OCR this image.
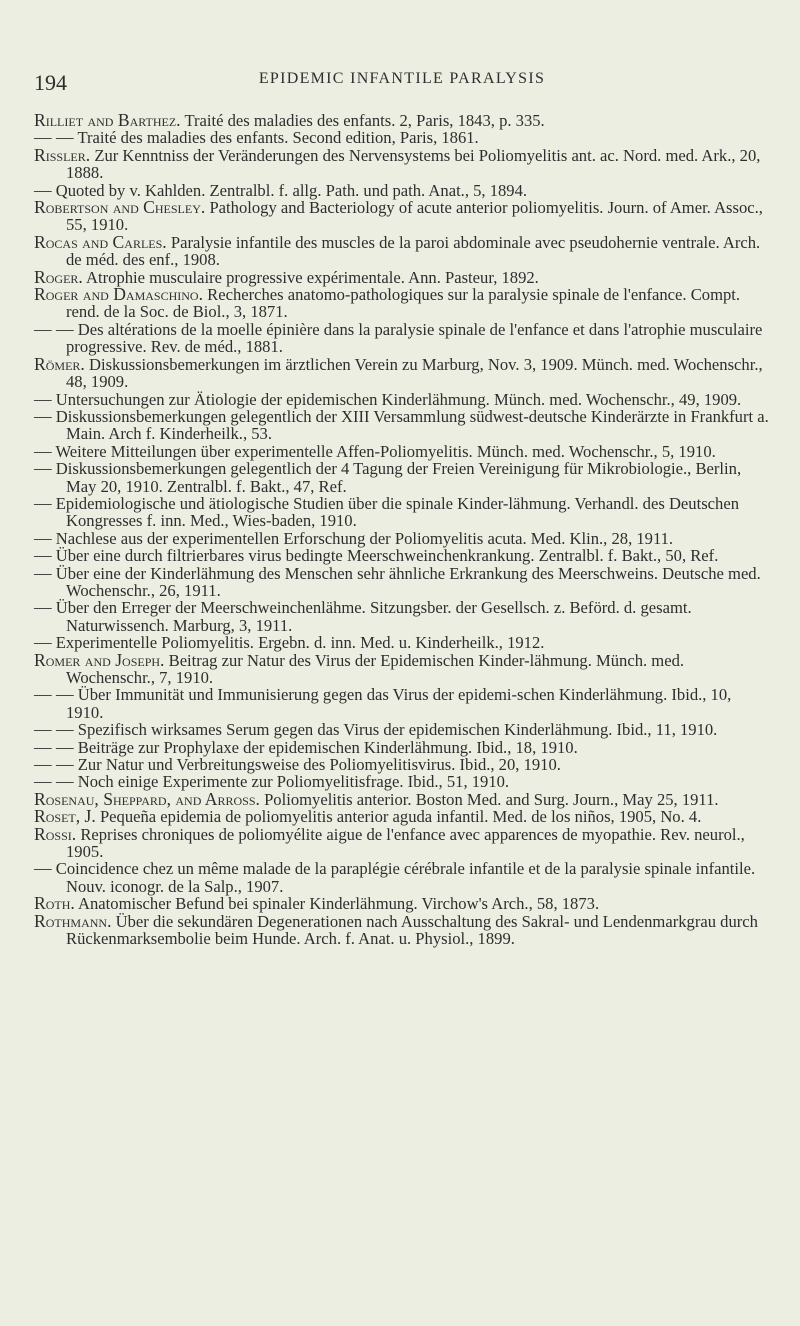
194	EPIDEMIC INFANTILE PARALYSIS

Rilliet and Barthez. Traité des maladies des enfants. 2, Paris, 1843, p. 335.

— — Traité des maladies des enfants. Second edition, Paris, 1861.

Rissler. Zur Kenntniss der Veränderungen des Nervensystems bei Poliomyelitis ant. ac. Nord. med. Ark., 20, 1888.

— Quoted by v. Kahlden. Zentralbl. f. allg. Path. und path. Anat., 5, 1894.

Robertson and Chesley. Pathology and Bacteriology of acute anterior poliomyelitis. Journ. of Amer. Assoc., 55, 1910.

Rocas and Carles. Paralysie infantile des muscles de la paroi abdominale avec pseudohernie ventrale. Arch. de méd. des enf., 1908.

Roger. Atrophie musculaire progressive expérimentale. Ann. Pasteur, 1892.

Roger and Damaschino. Recherches anatomo-pathologiques sur la paralysie spinale de l'enfance. Compt. rend. de la Soc. de Biol., 3, 1871.

— — Des altérations de la moelle épinière dans la paralysie spinale de l'enfance et dans l'atrophie musculaire progressive. Rev. de méd., 1881.

Römer. Diskussionsbemerkungen im ärztlichen Verein zu Marburg, Nov. 3, 1909. Münch. med. Wochenschr., 48, 1909.

— Untersuchungen zur Ätiologie der epidemischen Kinderlähmung. Münch. med. Wochenschr., 49, 1909.

— Diskussionsbemerkungen gelegentlich der XIII Versammlung südwest-deutsche Kinderärzte in Frankfurt a. Main. Arch f. Kinderheilk., 53.

— Weitere Mitteilungen über experimentelle Affen-Poliomyelitis. Münch. med. Wochenschr., 5, 1910.

— Diskussionsbemerkungen gelegentlich der 4 Tagung der Freien Vereinigung für Mikrobiologie., Berlin, May 20, 1910. Zentralbl. f. Bakt., 47, Ref.

— Epidemiologische und ätiologische Studien über die spinale Kinder-lähmung. Verhandl. des Deutschen Kongresses f. inn. Med., Wies-baden, 1910.

— Nachlese aus der experimentellen Erforschung der Poliomyelitis acuta. Med. Klin., 28, 1911.

— Über eine durch filtrierbares virus bedingte Meerschweinchenkrankung. Zentralbl. f. Bakt., 50, Ref.

— Über eine der Kinderlähmung des Menschen sehr ähnliche Erkrankung des Meerschweins. Deutsche med. Wochenschr., 26, 1911.

— Über den Erreger der Meerschweinchenlähme. Sitzungsber. der Gesellsch. z. Beförd. d. gesamt. Naturwissench. Marburg, 3, 1911.

— Experimentelle Poliomyelitis. Ergebn. d. inn. Med. u. Kinderheilk., 1912.

Romer and Joseph. Beitrag zur Natur des Virus der Epidemischen Kinder-lähmung. Münch. med. Wochenschr., 7, 1910.

— — Über Immunität und Immunisierung gegen das Virus der epidemi-schen Kinderlähmung. Ibid., 10, 1910.

— — Spezifisch wirksames Serum gegen das Virus der epidemischen Kinderlähmung. Ibid., 11, 1910.

— — Beiträge zur Prophylaxe der epidemischen Kinderlähmung. Ibid., 18, 1910.

— — Zur Natur und Verbreitungsweise des Poliomyelitisvirus. Ibid., 20, 1910.

— — Noch einige Experimente zur Poliomyelitisfrage. Ibid., 51, 1910.

Rosenau, Sheppard, and Arross. Poliomyelitis anterior. Boston Med. and Surg. Journ., May 25, 1911.

Roset, J. Pequeña epidemia de poliomyelitis anterior aguda infantil. Med. de los niños, 1905, No. 4.

Rossi. Reprises chroniques de poliomyélite aigue de l'enfance avec apparences de myopathie. Rev. neurol., 1905.

— Coincidence chez un même malade de la paraplégie cérébrale infantile et de la paralysie spinale infantile. Nouv. iconogr. de la Salp., 1907.

Roth. Anatomischer Befund bei spinaler Kinderlähmung. Virchow's Arch., 58, 1873.

Rothmann. Über die sekundären Degenerationen nach Ausschaltung des Sakral- und Lendenmarkgrau durch Rückenmarksembolie beim Hunde. Arch. f. Anat. u. Physiol., 1899.
